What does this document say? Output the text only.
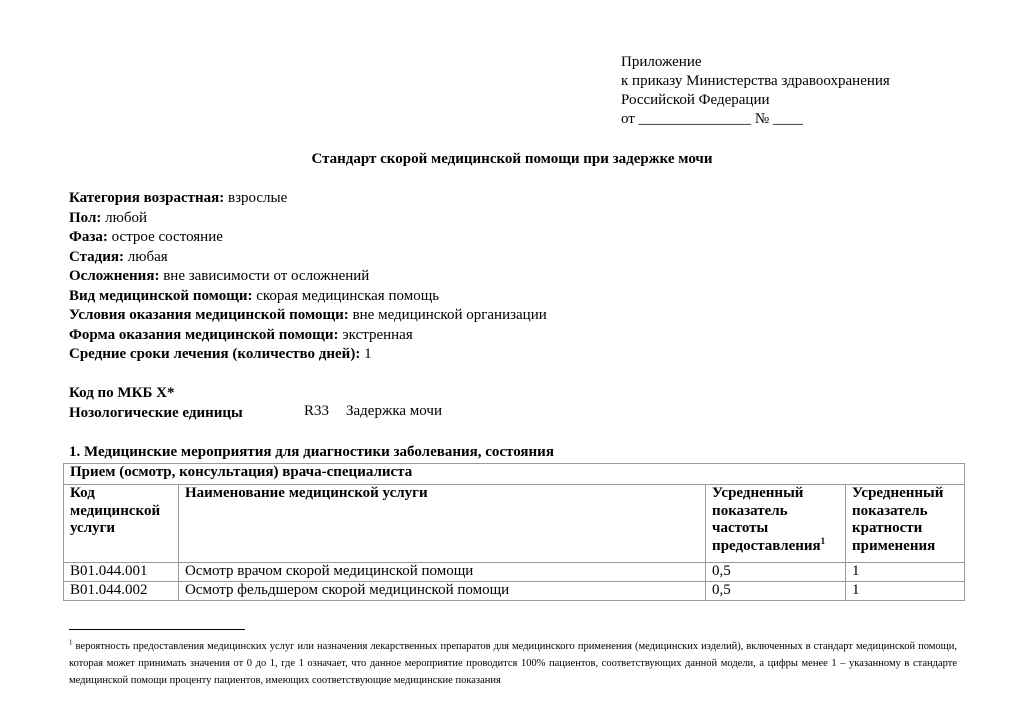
Приложение
к приказу Министерства здравоохранения
Российской Федерации
от _______________ № ____
Стандарт скорой медицинской помощи при задержке мочи
Категория возрастная: взрослые
Пол: любой
Фаза: острое состояние
Стадия: любая
Осложнения: вне зависимости от осложнений
Вид медицинской помощи: скорая медицинская помощь
Условия оказания медицинской помощи: вне медицинской организации
Форма оказания медицинской помощи: экстренная
Средние сроки лечения (количество дней): 1
Код по МКБ X*
Нозологические единицы	R33 Задержка мочи
1. Медицинские мероприятия для диагностики заболевания, состояния
Прием (осмотр, консультация) врача-специалиста			
Код медицинской услуги	Наименование медицинской услуги	Усредненный показатель частоты предоставления$^1$	Усредненный показатель кратности применения
B01.044.001	Осмотр врачом скорой медицинской помощи	0,5	1
B01.044.002	Осмотр фельдшером скорой медицинской помощи	0,5	1
$^1$ вероятность предоставления медицинских услуг или назначения лекарственных препаратов для медицинского применения (медицинских изделий), включенных в стандарт медицинской помощи, которая может принимать значения от 0 до 1, где 1 означает, что данное мероприятие проводится 100% пациентов, соответствующих данной модели, а цифры менее 1 – указанному в стандарте медицинской помощи проценту пациентов, имеющих соответствующие медицинские показания
